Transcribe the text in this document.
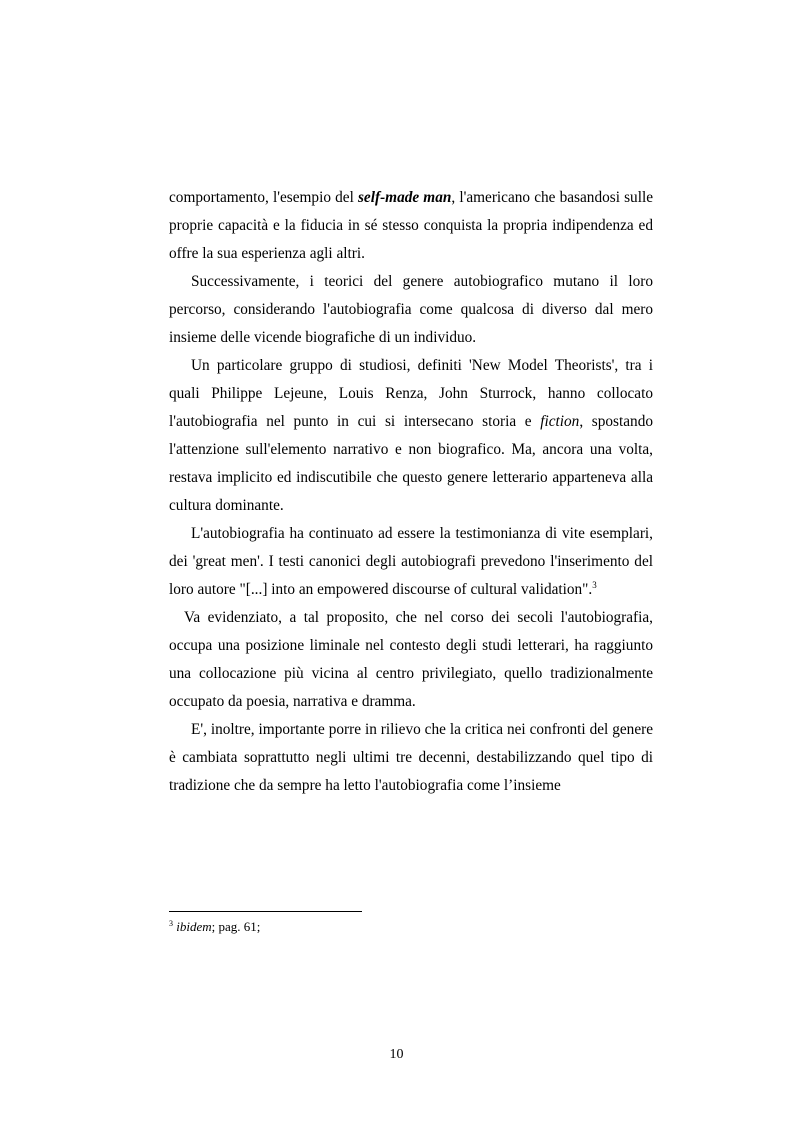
comportamento, l'esempio del self-made man, l'americano che basandosi sulle proprie capacità e la fiducia in sé stesso conquista la propria indipendenza ed offre la sua esperienza agli altri.

Successivamente, i teorici del genere autobiografico mutano il loro percorso, considerando l'autobiografia come qualcosa di diverso dal mero insieme delle vicende biografiche di un individuo.

Un particolare gruppo di studiosi, definiti 'New Model Theorists', tra i quali Philippe Lejeune, Louis Renza, John Sturrock, hanno collocato l'autobiografia nel punto in cui si intersecano storia e fiction, spostando l'attenzione sull'elemento narrativo e non biografico. Ma, ancora una volta, restava implicito ed indiscutibile che questo genere letterario apparteneva alla cultura dominante.

L'autobiografia ha continuato ad essere la testimonianza di vite esemplari, dei 'great men'. I testi canonici degli autobiografi prevedono l'inserimento del loro autore "[...] into an empowered discourse of cultural validation".$^3$

Va evidenziato, a tal proposito, che nel corso dei secoli l'autobiografia, occupa una posizione liminale nel contesto degli studi letterari, ha raggiunto una collocazione più vicina al centro privilegiato, quello tradizionalmente occupato da poesia, narrativa e dramma.

E', inoltre, importante porre in rilievo che la critica nei confronti del genere è cambiata soprattutto negli ultimi tre decenni, destabilizzando quel tipo di tradizione che da sempre ha letto l'autobiografia come l’insieme

$^3$ ibidem; pag. 61;
10
